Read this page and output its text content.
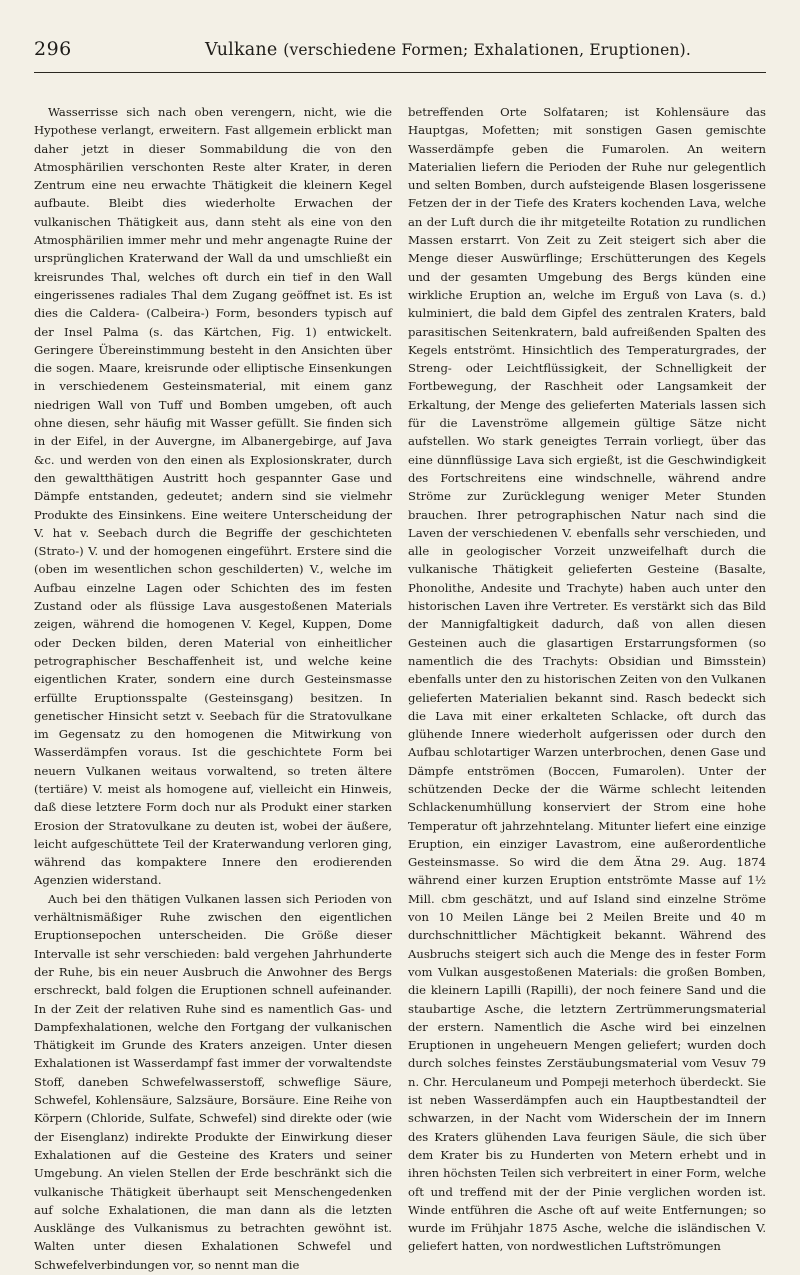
296	Vulkane (verschiedene Formen; Exhalationen, Eruptionen).

Wasserrisse sich nach oben verengern, nicht, wie die Hypothese verlangt, erweitern. Fast allgemein erblickt man daher jetzt in dieser Sommabildung die von den Atmosphärilien verschonten Reste alter Krater, in deren Zentrum eine neu erwachte Thätigkeit die kleinern Kegel aufbaute. Bleibt dies wiederholte Erwachen der vulkanischen Thätigkeit aus, dann steht als eine von den Atmosphärilien immer mehr und mehr angenagte Ruine der ursprünglichen Kraterwand der Wall da und umschließt ein kreisrundes Thal, welches oft durch ein tief in den Wall eingerissenes radiales Thal dem Zugang geöffnet ist. Es ist dies die Caldera- (Calbeira-) Form, besonders typisch auf der Insel Palma (s. das Kärtchen, Fig. 1) entwickelt. Geringere Übereinstimmung besteht in den Ansichten über die sogen. Maare, kreisrunde oder elliptische Einsenkungen in verschiedenem Gesteinsmaterial, mit einem ganz niedrigen Wall von Tuff und Bomben umgeben, oft auch ohne diesen, sehr häufig mit Wasser gefüllt. Sie finden sich in der Eifel, in der Auvergne, im Albanergebirge, auf Java &c. und werden von den einen als Explosionskrater, durch den gewaltthätigen Austritt hoch gespannter Gase und Dämpfe entstanden, gedeutet; andern sind sie vielmehr Produkte des Einsinkens. Eine weitere Unterscheidung der V. hat v. Seebach durch die Begriffe der geschichteten (Strato-) V. und der homogenen eingeführt. Erstere sind die (oben im wesentlichen schon geschilderten) V., welche im Aufbau einzelne Lagen oder Schichten des im festen Zustand oder als flüssige Lava ausgestoßenen Materials zeigen, während die homogenen V. Kegel, Kuppen, Dome oder Decken bilden, deren Material von einheitlicher petrographischer Beschaffenheit ist, und welche keine eigentlichen Krater, sondern eine durch Gesteinsmasse erfüllte Eruptionsspalte (Gesteinsgang) besitzen. In genetischer Hinsicht setzt v. Seebach für die Stratovulkane im Gegensatz zu den homogenen die Mitwirkung von Wasserdämpfen voraus. Ist die geschichtete Form bei neuern Vulkanen weitaus vorwaltend, so treten ältere (tertiäre) V. meist als homogene auf, vielleicht ein Hinweis, daß diese letztere Form doch nur als Produkt einer starken Erosion der Stratovulkane zu deuten ist, wobei der äußere, leicht aufgeschüttete Teil der Kraterwandung verloren ging, während das kompaktere Innere den erodierenden Agenzien widerstand.

Auch bei den thätigen Vulkanen lassen sich Perioden von verhältnismäßiger Ruhe zwischen den eigentlichen Eruptionsepochen unterscheiden. Die Größe dieser Intervalle ist sehr verschieden: bald vergehen Jahrhunderte der Ruhe, bis ein neuer Ausbruch die Anwohner des Bergs erschreckt, bald folgen die Eruptionen schnell aufeinander. In der Zeit der relativen Ruhe sind es namentlich Gas- und Dampfexhalationen, welche den Fortgang der vulkanischen Thätigkeit im Grunde des Kraters anzeigen. Unter diesen Exhalationen ist Wasserdampf fast immer der vorwaltendste Stoff, daneben Schwefelwasserstoff, schweflige Säure, Schwefel, Kohlensäure, Salzsäure, Borsäure. Eine Reihe von Körpern (Chloride, Sulfate, Schwefel) sind direkte oder (wie der Eisenglanz) indirekte Produkte der Einwirkung dieser Exhalationen auf die Gesteine des Kraters und seiner Umgebung. An vielen Stellen der Erde beschränkt sich die vulkanische Thätigkeit überhaupt seit Menschengedenken auf solche Exhalationen, die man dann als die letzten Ausklänge des Vulkanismus zu betrachten gewöhnt ist. Walten unter diesen Exhalationen Schwefel und Schwefelverbindungen vor, so nennt man die

betreffenden Orte Solfataren; ist Kohlensäure das Hauptgas, Mofetten; mit sonstigen Gasen gemischte Wasserdämpfe geben die Fumarolen. An weitern Materialien liefern die Perioden der Ruhe nur gelegentlich und selten Bomben, durch aufsteigende Blasen losgerissene Fetzen der in der Tiefe des Kraters kochenden Lava, welche an der Luft durch die ihr mitgeteilte Rotation zu rundlichen Massen erstarrt. Von Zeit zu Zeit steigert sich aber die Menge dieser Auswürflinge; Erschütterungen des Kegels und der gesamten Umgebung des Bergs künden eine wirkliche Eruption an, welche im Erguß von Lava (s. d.) kulminiert, die bald dem Gipfel des zentralen Kraters, bald parasitischen Seitenkratern, bald aufreißenden Spalten des Kegels entströmt. Hinsichtlich des Temperaturgrades, der Streng- oder Leichtflüssigkeit, der Schnelligkeit der Fortbewegung, der Raschheit oder Langsamkeit der Erkaltung, der Menge des gelieferten Materials lassen sich für die Lavenströme allgemein gültige Sätze nicht aufstellen. Wo stark geneigtes Terrain vorliegt, über das eine dünnflüssige Lava sich ergießt, ist die Geschwindigkeit des Fortschreitens eine windschnelle, während andre Ströme zur Zurücklegung weniger Meter Stunden brauchen. Ihrer petrographischen Natur nach sind die Laven der verschiedenen V. ebenfalls sehr verschieden, und alle in geologischer Vorzeit unzweifelhaft durch die vulkanische Thätigkeit gelieferten Gesteine (Basalte, Phonolithe, Andesite und Trachyte) haben auch unter den historischen Laven ihre Vertreter. Es verstärkt sich das Bild der Mannigfaltigkeit dadurch, daß von allen diesen Gesteinen auch die glasartigen Erstarrungsformen (so namentlich die des Trachyts: Obsidian und Bimsstein) ebenfalls unter den zu historischen Zeiten von den Vulkanen gelieferten Materialien bekannt sind. Rasch bedeckt sich die Lava mit einer erkalteten Schlacke, oft durch das glühende Innere wiederholt aufgerissen oder durch den Aufbau schlotartiger Warzen unterbrochen, denen Gase und Dämpfe entströmen (Boccen, Fumarolen). Unter der schützenden Decke der die Wärme schlecht leitenden Schlackenumhüllung konserviert der Strom eine hohe Temperatur oft jahrzehntelang. Mitunter liefert eine einzige Eruption, ein einziger Lavastrom, eine außerordentliche Gesteinsmasse. So wird die dem Ätna 29. Aug. 1874 während einer kurzen Eruption entströmte Masse auf 1½ Mill. cbm geschätzt, und auf Island sind einzelne Ströme von 10 Meilen Länge bei 2 Meilen Breite und 40 m durchschnittlicher Mächtigkeit bekannt. Während des Ausbruchs steigert sich auch die Menge des in fester Form vom Vulkan ausgestoßenen Materials: die großen Bomben, die kleinern Lapilli (Rapilli), der noch feinere Sand und die staubartige Asche, die letztern Zertrümmerungsmaterial der erstern. Namentlich die Asche wird bei einzelnen Eruptionen in ungeheuern Mengen geliefert; wurden doch durch solches feinstes Zerstäubungsmaterial vom Vesuv 79 n. Chr. Herculaneum und Pompeji meterhoch überdeckt. Sie ist neben Wasserdämpfen auch ein Hauptbestandteil der schwarzen, in der Nacht vom Widerschein der im Innern des Kraters glühenden Lava feurigen Säule, die sich über dem Krater bis zu Hunderten von Metern erhebt und in ihren höchsten Teilen sich verbreitert in einer Form, welche oft und treffend mit der der Pinie verglichen worden ist. Winde entführen die Asche oft auf weite Entfernungen; so wurde im Frühjahr 1875 Asche, welche die isländischen V. geliefert hatten, von nordwestlichen Luftströmungen
